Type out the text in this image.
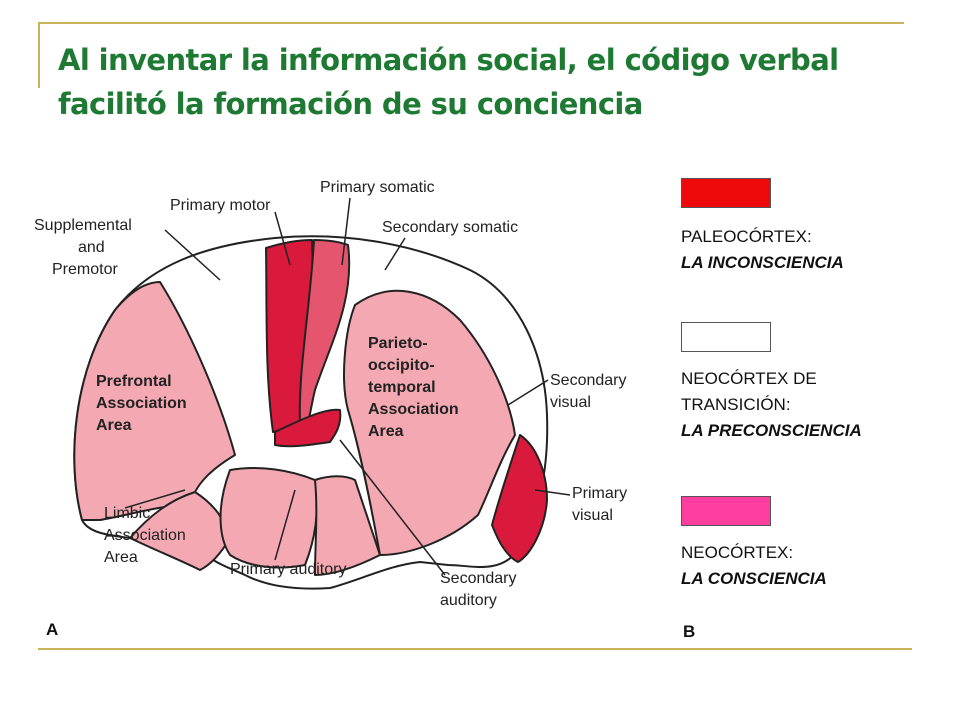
Al inventar la información social, el código verbal facilitó la formación de su conciencia
Primary motor
Primary somatic
Secondary somatic
Supplemental
and
Premotor
Secondary
visual
Primary
visual
Limbic
Association
Area
Primary auditory
Secondary
auditory
Prefrontal
Association
Area
Parieto-
occipito-
temporal
Association
Area
A	B
PALEOCÓRTEX:
LA INCONSCIENCIA
NEOCÓRTEX DE
TRANSICIÓN:
LA PRECONSCIENCIA
NEOCÓRTEX:
LA CONSCIENCIA
